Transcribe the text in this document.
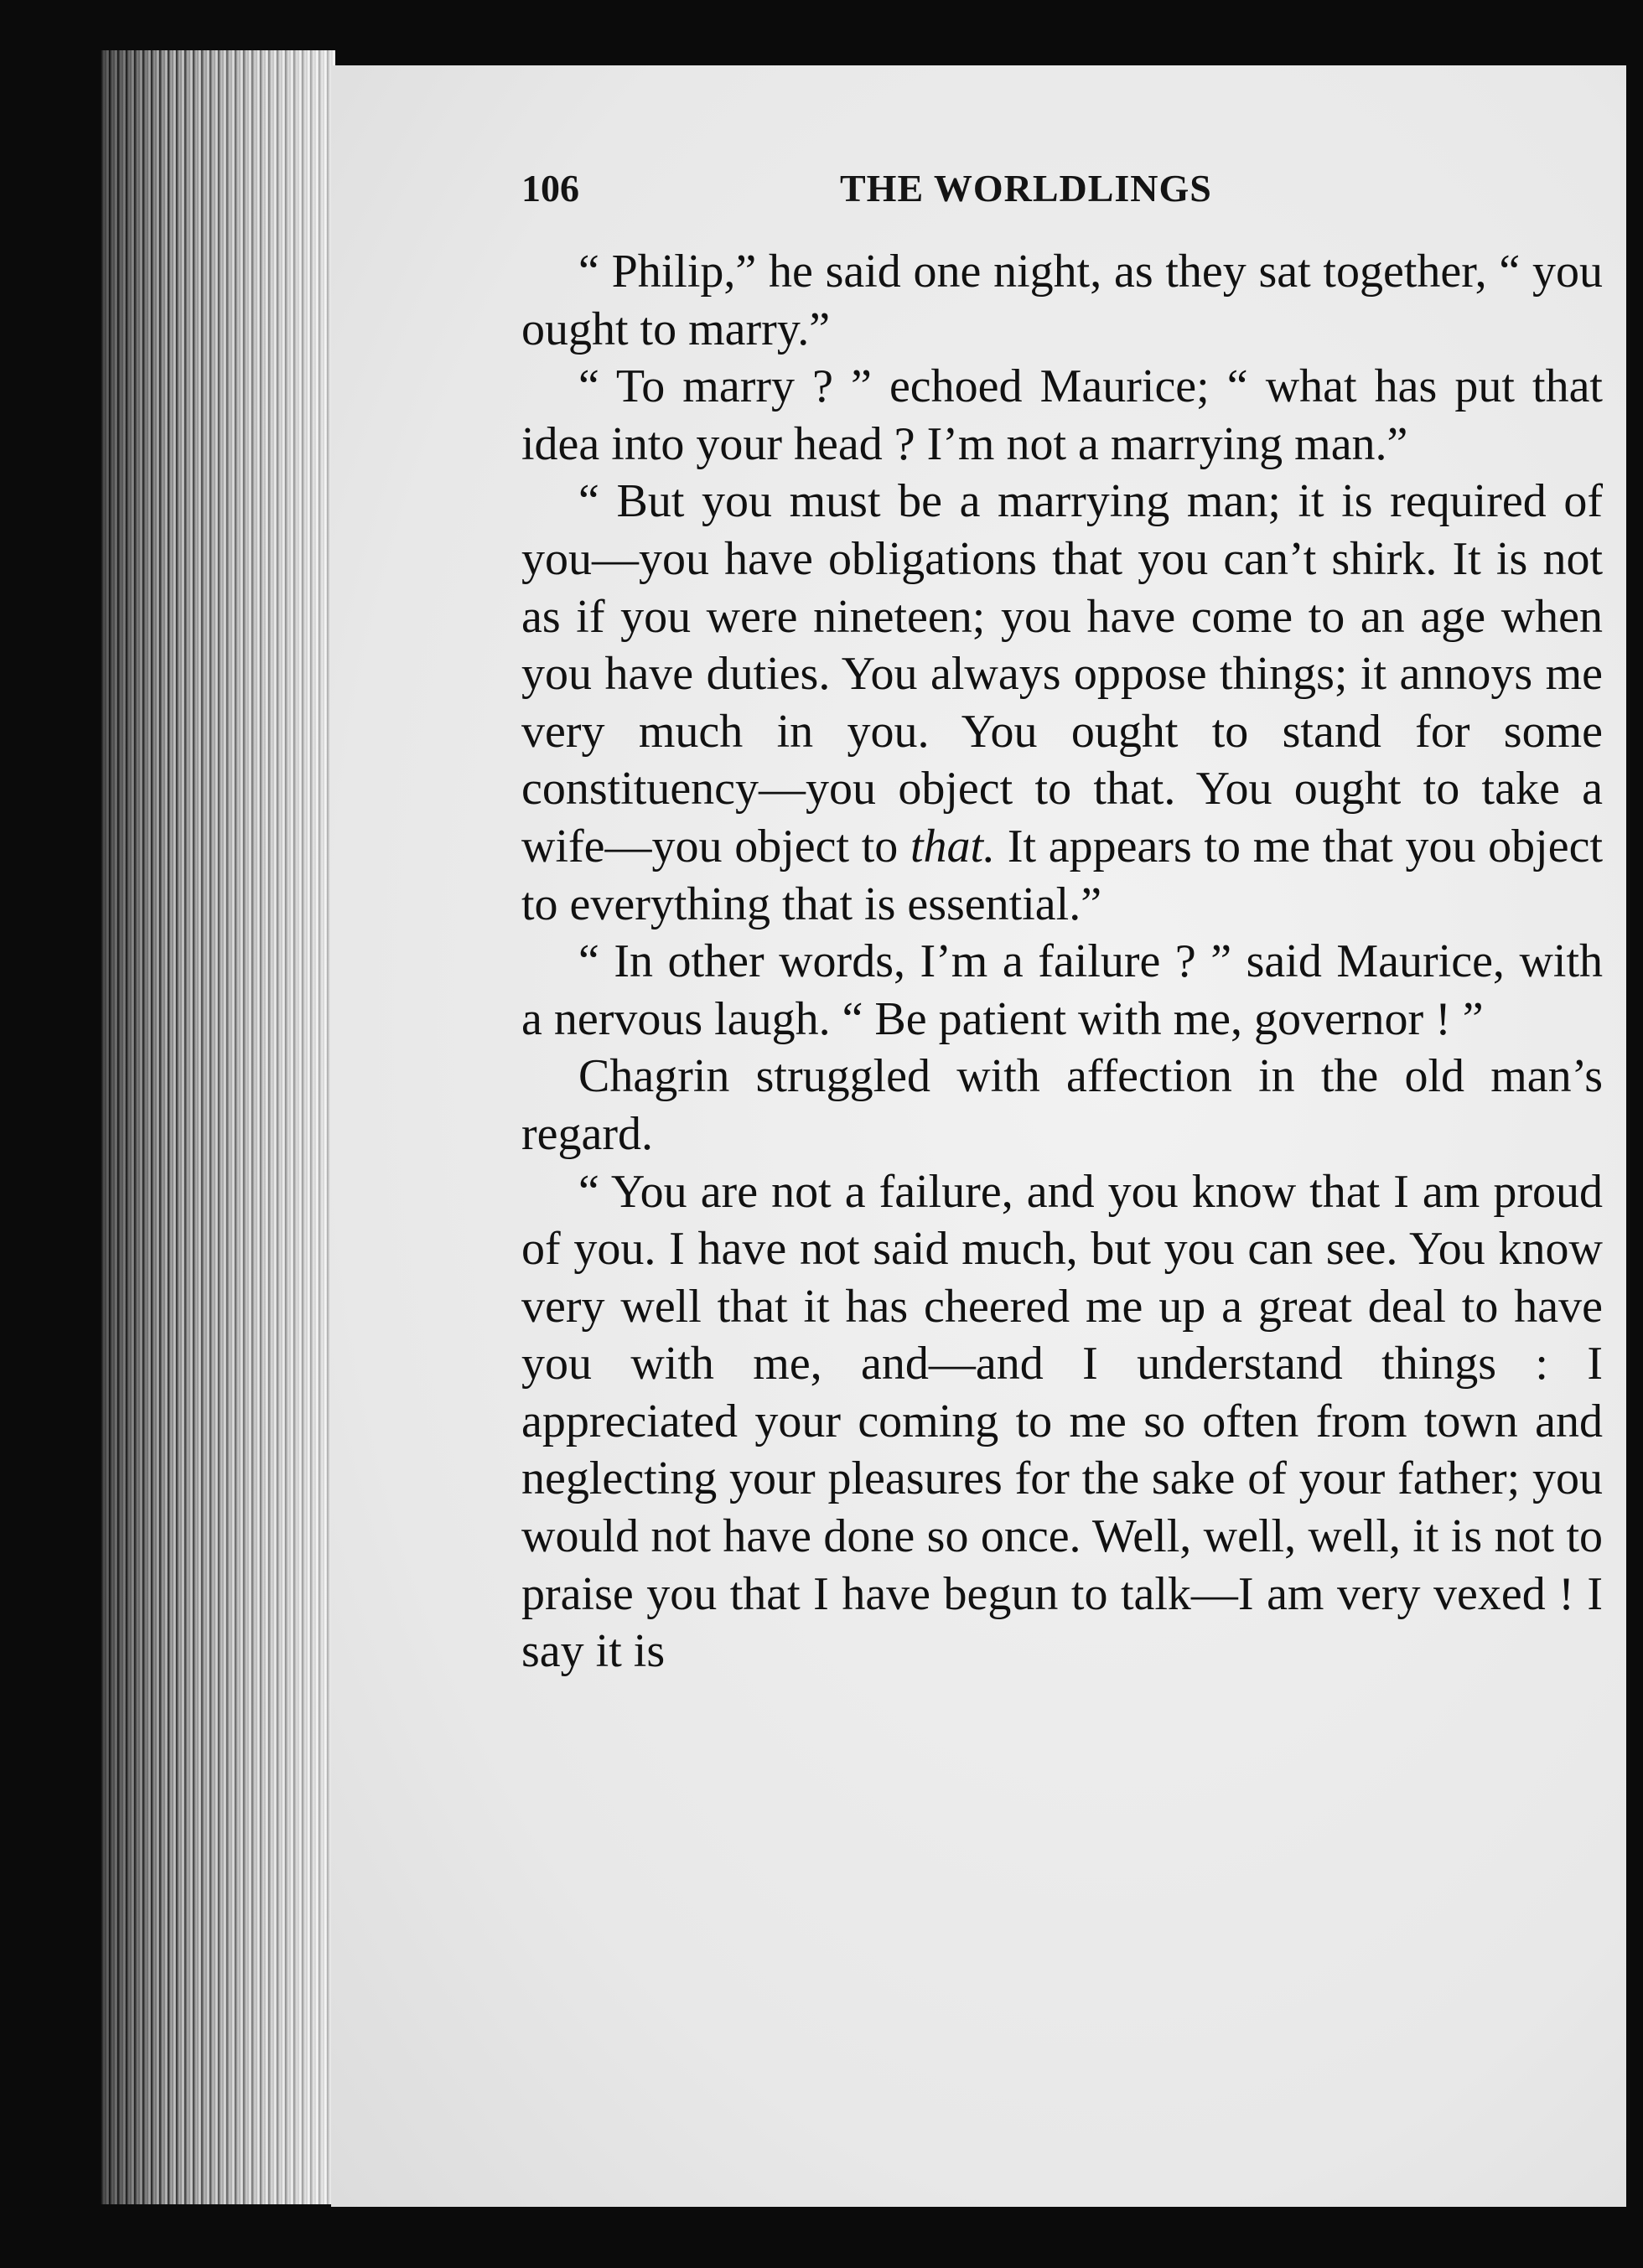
106	THE WORLDLINGS

“ Philip,” he said one night, as they sat together, “ you ought to marry.”

“ To marry ? ” echoed Maurice; “ what has put that idea into your head ? I’m not a marrying man.”

“ But you must be a marrying man; it is required of you—you have obligations that you can’t shirk. It is not as if you were nineteen; you have come to an age when you have duties. You always oppose things; it annoys me very much in you. You ought to stand for some constituency—you object to that. You ought to take a wife—you object to that. It appears to me that you object to everything that is essential.”

“ In other words, I’m a failure ? ” said Maurice, with a nervous laugh. “ Be patient with me, governor ! ”

Chagrin struggled with affection in the old man’s regard.

“ You are not a failure, and you know that I am proud of you. I have not said much, but you can see. You know very well that it has cheered me up a great deal to have you with me, and—and I understand things : I appreciated your coming to me so often from town and neglecting your pleasures for the sake of your father; you would not have done so once. Well, well, well, it is not to praise you that I have begun to talk—I am very vexed ! I say it is
